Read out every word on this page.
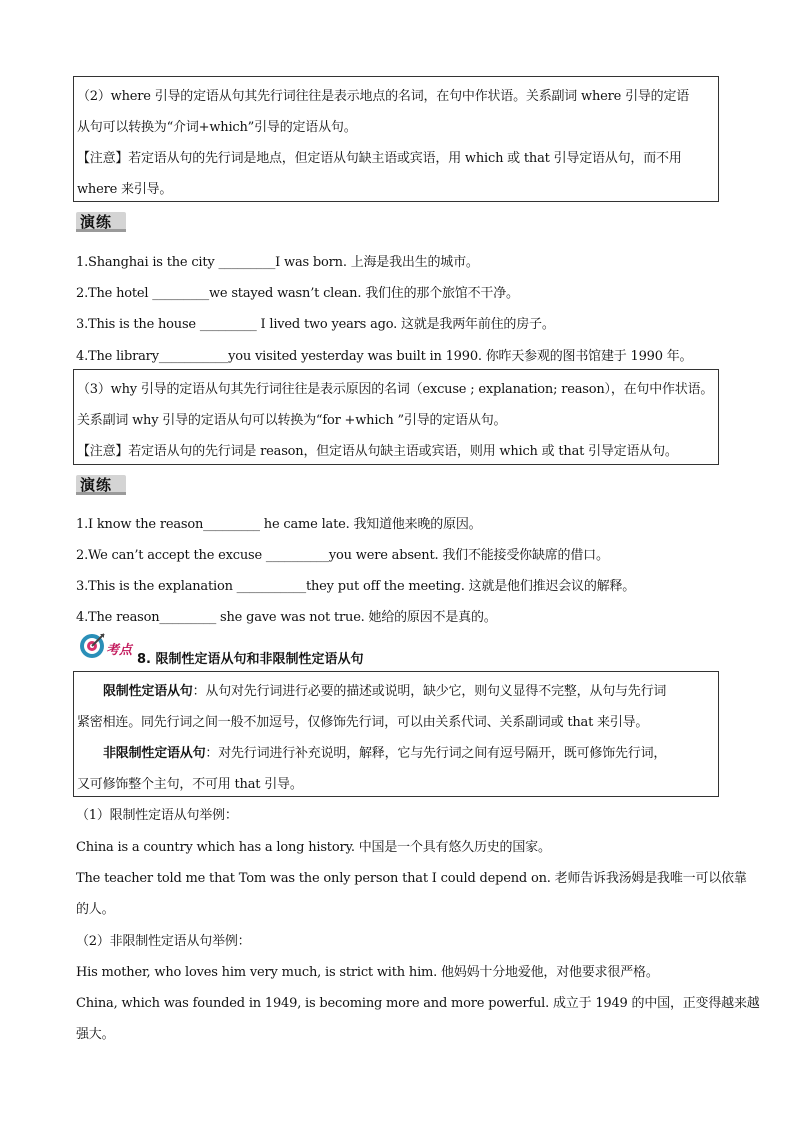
（2）where 引导的定语从句其先行词往往是表示地点的名词，在句中作状语。关系副词 where 引导的定语
从句可以转换为“介词+which”引导的定语从句。
【注意】若定语从句的先行词是地点，但定语从句缺主语或宾语，用 which 或 that 引导定语从句，而不用
where 来引导。
演练
1.Shanghai is the city _________I was born. 上海是我出生的城市。
2.The hotel _________we stayed wasn’t clean. 我们住的那个旅馆不干净。
3.This is the house _________ I lived two years ago. 这就是我两年前住的房子。
4.The library___________you visited yesterday was built in 1990. 你昨天参观的图书馆建于 1990 年。
（3）why 引导的定语从句其先行词往往是表示原因的名词（excuse ; explanation; reason），在句中作状语。
关系副词 why 引导的定语从句可以转换为“for +which ”引导的定语从句。
【注意】若定语从句的先行词是 reason，但定语从句缺主语或宾语，则用 which 或 that 引导定语从句。
演练
1.I know the reason_________ he came late. 我知道他来晚的原因。
2.We can’t accept the excuse __________you were absent. 我们不能接受你缺席的借口。
3.This is the explanation ___________they put off the meeting. 这就是他们推迟会议的解释。
4.The reason_________ she gave was not true. 她给的原因不是真的。
考点
8. 限制性定语从句和非限制性定语从句
限制性定语从句：从句对先行词进行必要的描述或说明，缺少它，则句义显得不完整，从句与先行词
紧密相连。同先行词之间一般不加逗号，仅修饰先行词，可以由关系代词、关系副词或 that 来引导。
非限制性定语从句：对先行词进行补充说明，解释，它与先行词之间有逗号隔开，既可修饰先行词，
又可修饰整个主句，不可用 that 引导。
（1）限制性定语从句举例：
China is a country which has a long history. 中国是一个具有悠久历史的国家。
The teacher told me that Tom was the only person that I could depend on. 老师告诉我汤姆是我唯一可以依靠
的人。
（2）非限制性定语从句举例：
His mother, who loves him very much, is strict with him. 他妈妈十分地爱他，对他要求很严格。
China, which was founded in 1949, is becoming more and more powerful. 成立于 1949 的中国，正变得越来越
强大。
